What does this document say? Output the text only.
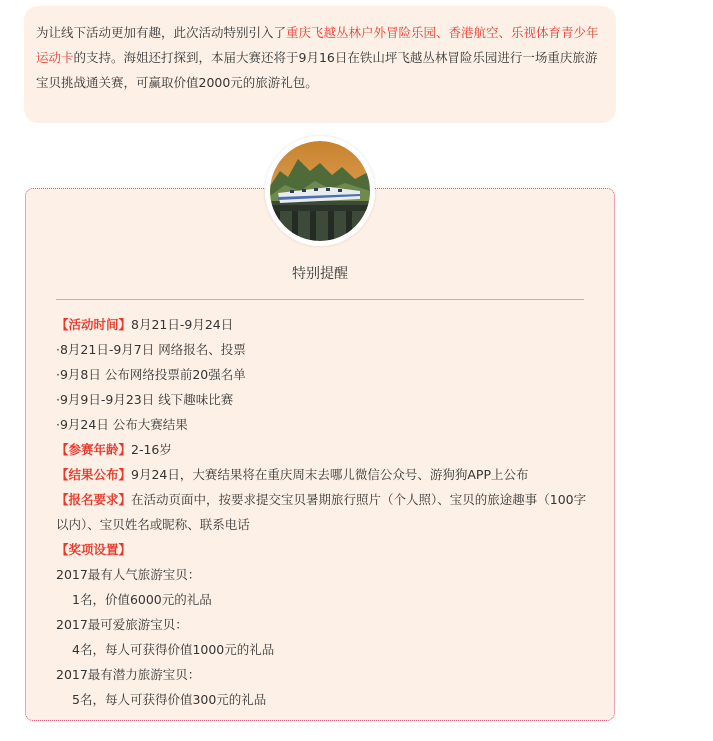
为让线下活动更加有趣，此次活动特别引入了重庆飞越丛林户外冒险乐园、香港航空、乐视体育青少年运动卡的支持。海姐还打探到，本届大赛还将于9月16日在铁山坪飞越丛林冒险乐园进行一场重庆旅游宝贝挑战通关赛，可赢取价值2000元的旅游礼包。

特别提醒
【活动时间】8月21日-9月24日
·8月21日-9月7日 网络报名、投票
·9月8日 公布网络投票前20强名单
·9月9日-9月23日 线下趣味比赛
·9月24日 公布大赛结果
【参赛年龄】2-16岁
【结果公布】9月24日，大赛结果将在重庆周末去哪儿微信公众号、游狗狗APP上公布
【报名要求】在活动页面中，按要求提交宝贝暑期旅行照片（个人照）、宝贝的旅途趣事（100字以内）、宝贝姓名或昵称、联系电话
【奖项设置】
2017最有人气旅游宝贝：
1名，价值6000元的礼品
2017最可爱旅游宝贝：
4名，每人可获得价值1000元的礼品
2017最有潜力旅游宝贝：
5名，每人可获得价值300元的礼品
